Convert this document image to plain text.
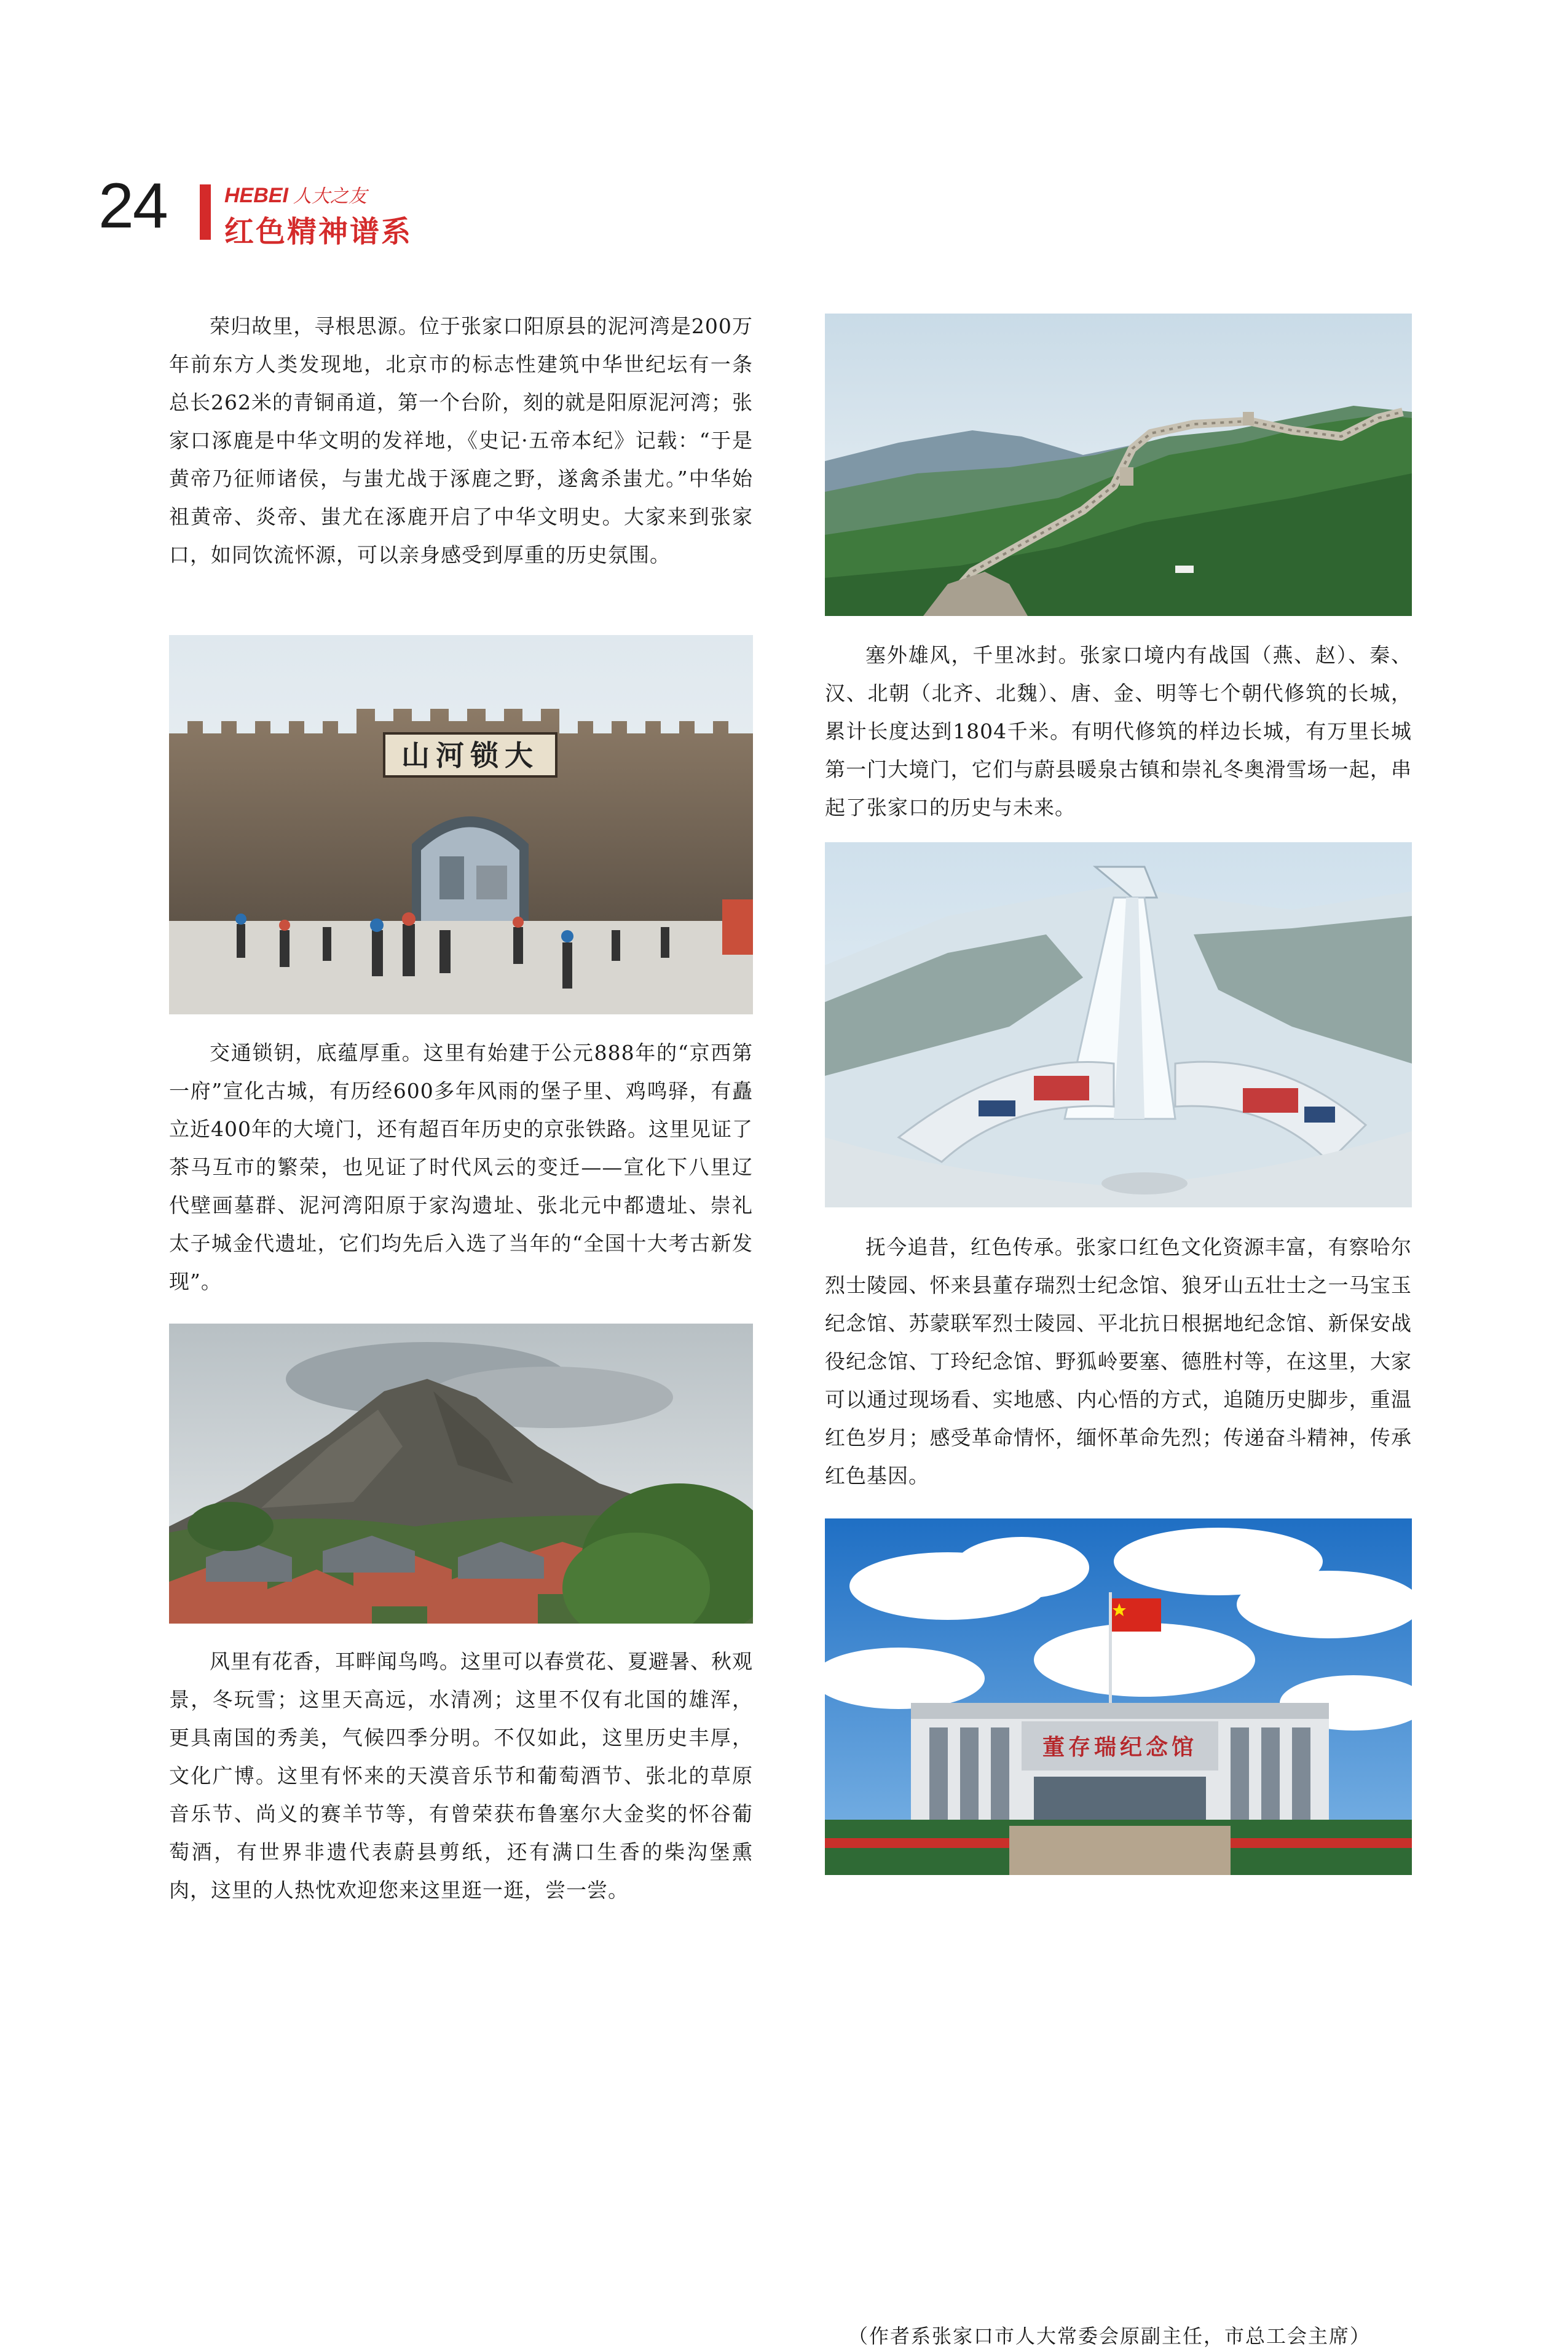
24	HEBEI 人大之友
红色精神谱系

荣归故里，寻根思源。位于张家口阳原县的泥河湾是200万年前东方人类发现地，北京市的标志性建筑中华世纪坛有一条总长262米的青铜甬道，第一个台阶，刻的就是阳原泥河湾；张家口涿鹿是中华文明的发祥地，《史记·五帝本纪》记载：“于是黄帝乃征师诸侯，与蚩尤战于涿鹿之野，遂禽杀蚩尤。”中华始祖黄帝、炎帝、蚩尤在涿鹿开启了中华文明史。大家来到张家口，如同饮流怀源，可以亲身感受到厚重的历史氛围。

山河锁大

交通锁钥，底蕴厚重。这里有始建于公元888年的“京西第一府”宣化古城，有历经600多年风雨的堡子里、鸡鸣驿，有矗立近400年的大境门，还有超百年历史的京张铁路。这里见证了茶马互市的繁荣，也见证了时代风云的变迁——宣化下八里辽代壁画墓群、泥河湾阳原于家沟遗址、张北元中都遗址、崇礼太子城金代遗址，它们均先后入选了当年的“全国十大考古新发现”。

风里有花香，耳畔闻鸟鸣。这里可以春赏花、夏避暑、秋观景，冬玩雪；这里天高远，水清冽；这里不仅有北国的雄浑，更具南国的秀美，气候四季分明。不仅如此，这里历史丰厚，文化广博。这里有怀来的天漠音乐节和葡萄酒节、张北的草原音乐节、尚义的赛羊节等，有曾荣获布鲁塞尔大金奖的怀谷葡萄酒，有世界非遗代表蔚县剪纸，还有满口生香的柴沟堡熏肉，这里的人热忱欢迎您来这里逛一逛，尝一尝。

塞外雄风，千里冰封。张家口境内有战国（燕、赵）、秦、汉、北朝（北齐、北魏）、唐、金、明等七个朝代修筑的长城，累计长度达到1804千米。有明代修筑的样边长城，有万里长城第一门大境门，它们与蔚县暖泉古镇和崇礼冬奥滑雪场一起，串起了张家口的历史与未来。

抚今追昔，红色传承。张家口红色文化资源丰富，有察哈尔烈士陵园、怀来县董存瑞烈士纪念馆、狼牙山五壮士之一马宝玉纪念馆、苏蒙联军烈士陵园、平北抗日根据地纪念馆、新保安战役纪念馆、丁玲纪念馆、野狐岭要塞、德胜村等，在这里，大家可以通过现场看、实地感、内心悟的方式，追随历史脚步，重温红色岁月；感受革命情怀，缅怀革命先烈；传递奋斗精神，传承红色基因。

董存瑞纪念馆
（作者系张家口市人大常委会原副主任，市总工会主席）
